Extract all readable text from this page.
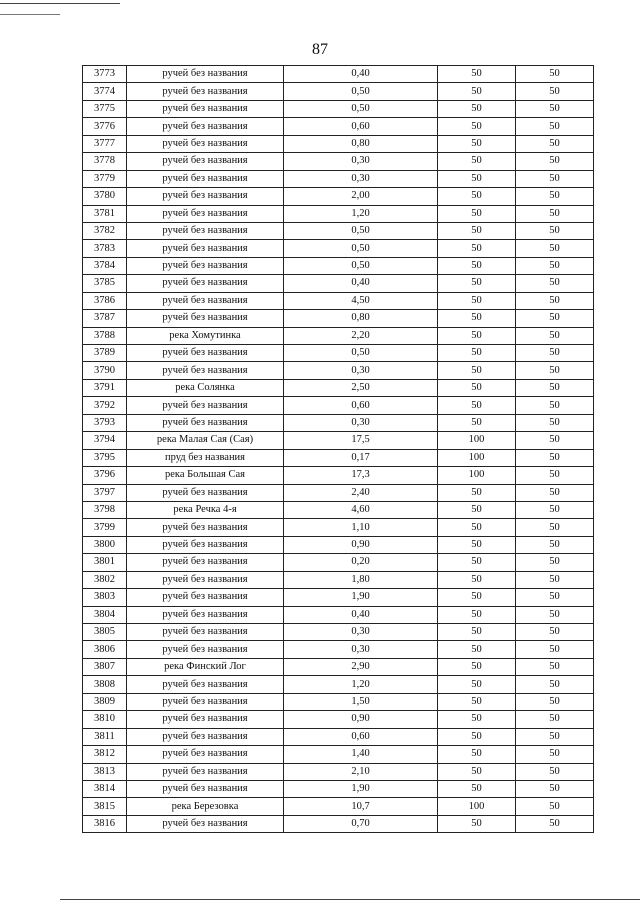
87
3773	ручей без названия	0,40	50	50
3774	ручей без названия	0,50	50	50
3775	ручей без названия	0,50	50	50
3776	ручей без названия	0,60	50	50
3777	ручей без названия	0,80	50	50
3778	ручей без названия	0,30	50	50
3779	ручей без названия	0,30	50	50
3780	ручей без названия	2,00	50	50
3781	ручей без названия	1,20	50	50
3782	ручей без названия	0,50	50	50
3783	ручей без названия	0,50	50	50
3784	ручей без названия	0,50	50	50
3785	ручей без названия	0,40	50	50
3786	ручей без названия	4,50	50	50
3787	ручей без названия	0,80	50	50
3788	река Хомутинка	2,20	50	50
3789	ручей без названия	0,50	50	50
3790	ручей без названия	0,30	50	50
3791	река Солянка	2,50	50	50
3792	ручей без названия	0,60	50	50
3793	ручей без названия	0,30	50	50
3794	река Малая Сая (Сая)	17,5	100	50
3795	пруд без названия	0,17	100	50
3796	река Большая Сая	17,3	100	50
3797	ручей без названия	2,40	50	50
3798	река Речка 4-я	4,60	50	50
3799	ручей без названия	1,10	50	50
3800	ручей без названия	0,90	50	50
3801	ручей без названия	0,20	50	50
3802	ручей без названия	1,80	50	50
3803	ручей без названия	1,90	50	50
3804	ручей без названия	0,40	50	50
3805	ручей без названия	0,30	50	50
3806	ручей без названия	0,30	50	50
3807	река Финский Лог	2,90	50	50
3808	ручей без названия	1,20	50	50
3809	ручей без названия	1,50	50	50
3810	ручей без названия	0,90	50	50
3811	ручей без названия	0,60	50	50
3812	ручей без названия	1,40	50	50
3813	ручей без названия	2,10	50	50
3814	ручей без названия	1,90	50	50
3815	река Березовка	10,7	100	50
3816	ручей без названия	0,70	50	50
